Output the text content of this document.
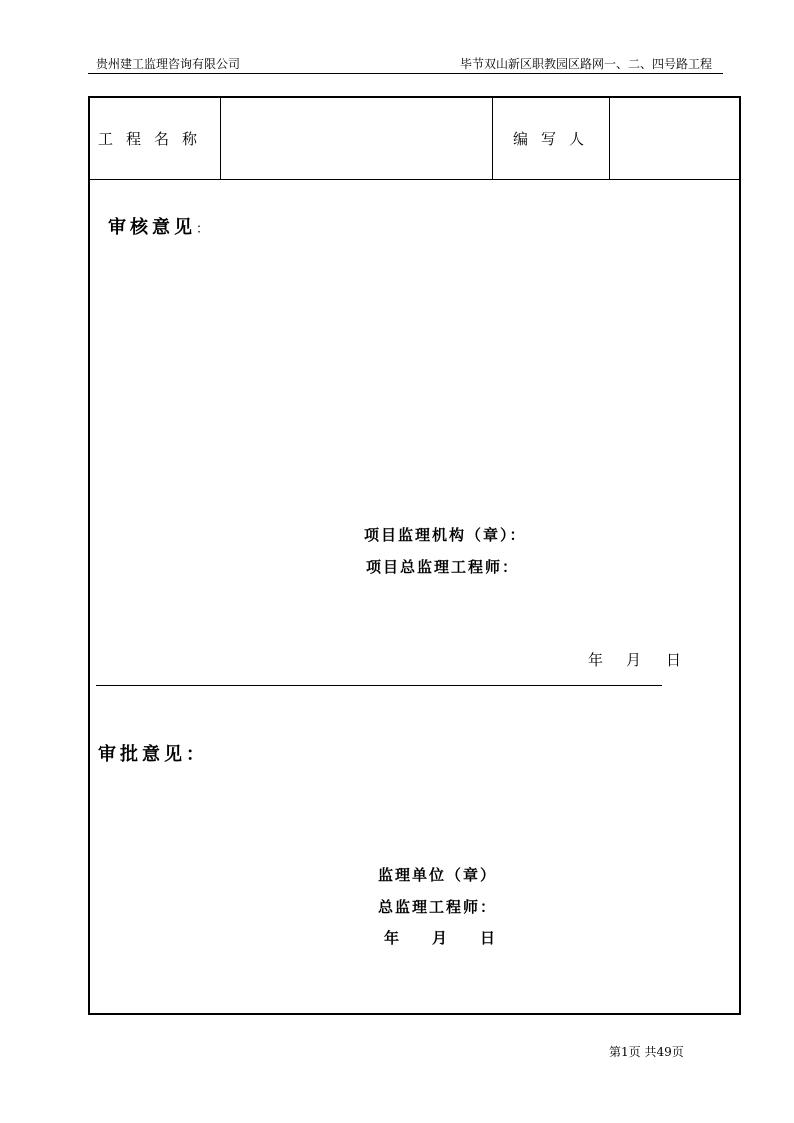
贵州建工监理咨询有限公司	毕节双山新区职教园区路网一、二、四号路工程
工程名称	编写人
审核意见：
项目监理机构（章）：
项目总监理工程师：
年 月 日
审批意见：
监理单位（章）
总监理工程师：
年 月 日
第1页 共49页
